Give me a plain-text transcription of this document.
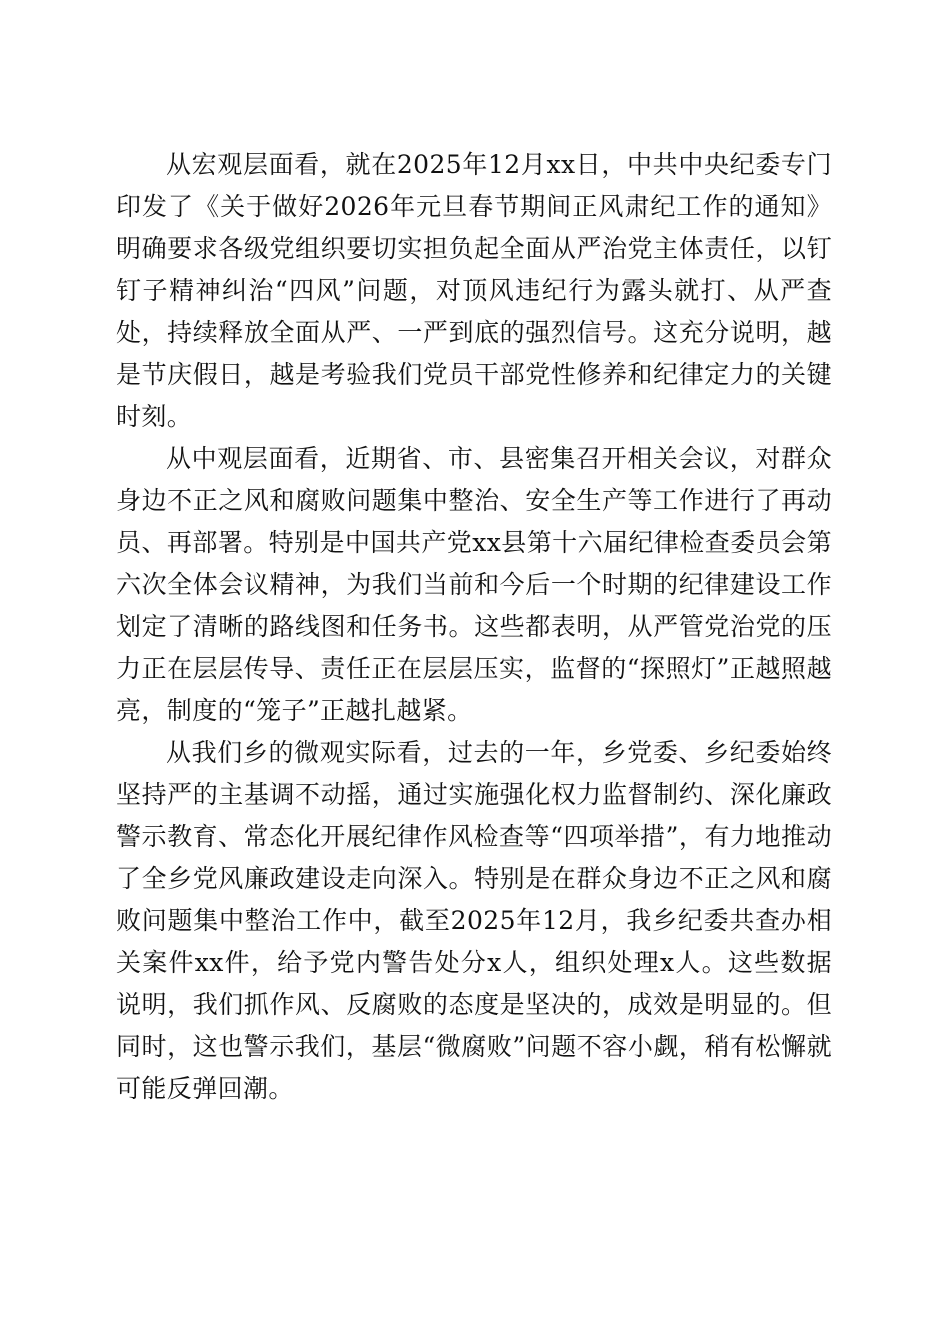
从宏观层面看，就在2025年12月xx日，中共中央纪委专门印发了《关于做好2026年元旦春节期间正风肃纪工作的通知》明确要求各级党组织要切实担负起全面从严治党主体责任，以钉钉子精神纠治“四风”问题，对顶风违纪行为露头就打、从严查处，持续释放全面从严、一严到底的强烈信号。这充分说明，越是节庆假日，越是考验我们党员干部党性修养和纪律定力的关键时刻。

从中观层面看，近期省、市、县密集召开相关会议，对群众身边不正之风和腐败问题集中整治、安全生产等工作进行了再动员、再部署。特别是中国共产党xx县第十六届纪律检查委员会第六次全体会议精神，为我们当前和今后一个时期的纪律建设工作划定了清晰的路线图和任务书。这些都表明，从严管党治党的压力正在层层传导、责任正在层层压实，监督的“探照灯”正越照越亮，制度的“笼子”正越扎越紧。

从我们乡的微观实际看，过去的一年，乡党委、乡纪委始终坚持严的主基调不动摇，通过实施强化权力监督制约、深化廉政警示教育、常态化开展纪律作风检查等“四项举措”，有力地推动了全乡党风廉政建设走向深入。特别是在群众身边不正之风和腐败问题集中整治工作中，截至2025年12月，我乡纪委共查办相关案件xx件，给予党内警告处分x人，组织处理x人。这些数据说明，我们抓作风、反腐败的态度是坚决的，成效是明显的。但同时，这也警示我们，基层“微腐败”问题不容小觑，稍有松懈就可能反弹回潮。
